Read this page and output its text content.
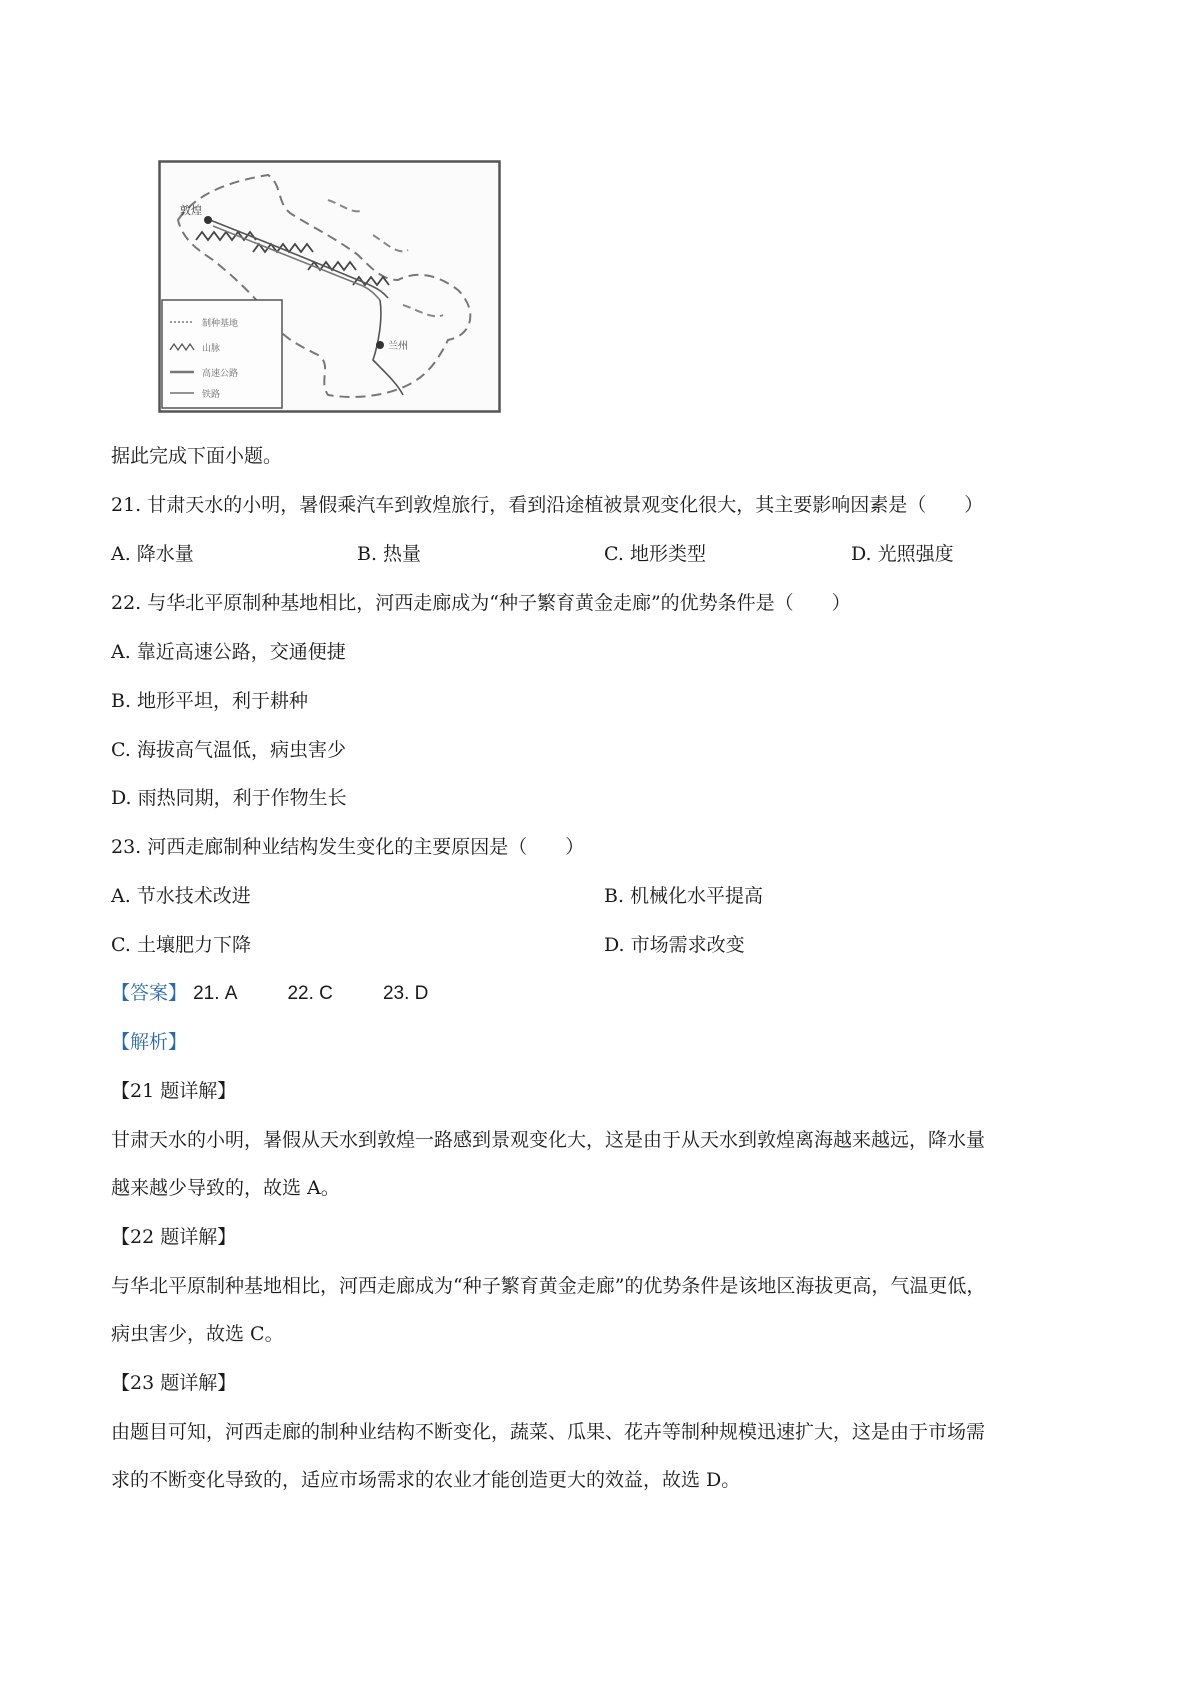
敦煌
兰州
制种基地
山脉
高速公路
铁路
据此完成下面小题。
21. 甘肃天水的小明，暑假乘汽车到敦煌旅行，看到沿途植被景观变化很大，其主要影响因素是（　　）
A. 降水量	B. 热量	C. 地形类型	D. 光照强度
22. 与华北平原制种基地相比，河西走廊成为“种子繁育黄金走廊”的优势条件是（　　）
A. 靠近高速公路，交通便捷
B. 地形平坦，利于耕种
C. 海拔高气温低，病虫害少
D. 雨热同期，利于作物生长
23. 河西走廊制种业结构发生变化的主要原因是（　　）
A. 节水技术改进	B. 机械化水平提高
C. 土壤肥力下降	D. 市场需求改变
【答案】 21. A	22. C	23. D
【解析】
【21 题详解】
甘肃天水的小明，暑假从天水到敦煌一路感到景观变化大，这是由于从天水到敦煌离海越来越远，降水量
越来越少导致的，故选 A。
【22 题详解】
与华北平原制种基地相比，河西走廊成为“种子繁育黄金走廊”的优势条件是该地区海拔更高，气温更低，
病虫害少，故选 C。
【23 题详解】
由题目可知，河西走廊的制种业结构不断变化，蔬菜、瓜果、花卉等制种规模迅速扩大，这是由于市场需
求的不断变化导致的，适应市场需求的农业才能创造更大的效益，故选 D。
